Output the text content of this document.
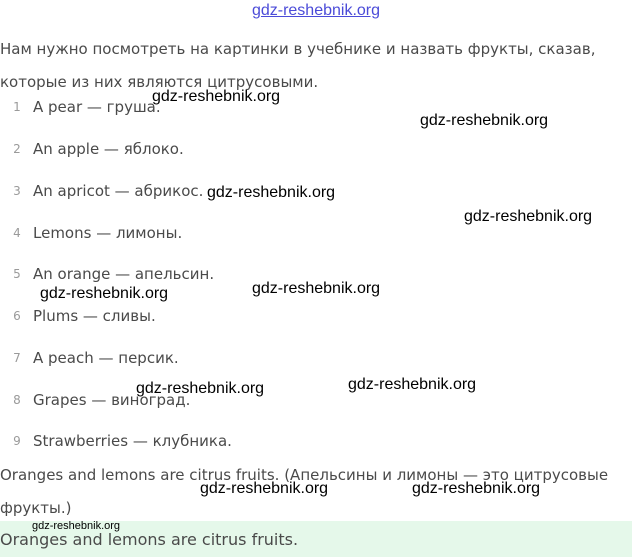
gdz-reshebnik.org
Нам нужно посмотреть на картинки в учебнике и назвать фрукты, сказав, которые из них являются цитрусовыми.
1 A pear — груша.
2 An apple — яблоко.
3 An apricot — абрикос.
4 Lemons — лимоны.
5 An orange — апельсин.
6 Plums — сливы.
7 A peach — персик.
8 Grapes — виноград.
9 Strawberries — клубника.
Oranges and lemons are citrus fruits. (Апельсины и лимоны — это цитрусовые фрукты.)
Oranges and lemons are citrus fruits.
gdz-reshebnik.org
gdz-reshebnik.org
gdz-reshebnik.org
gdz-reshebnik.org
gdz-reshebnik.org
gdz-reshebnik.org
gdz-reshebnik.org
gdz-reshebnik.org
gdz-reshebnik.org	gdz-reshebnik.org
gdz-reshebnik.org
